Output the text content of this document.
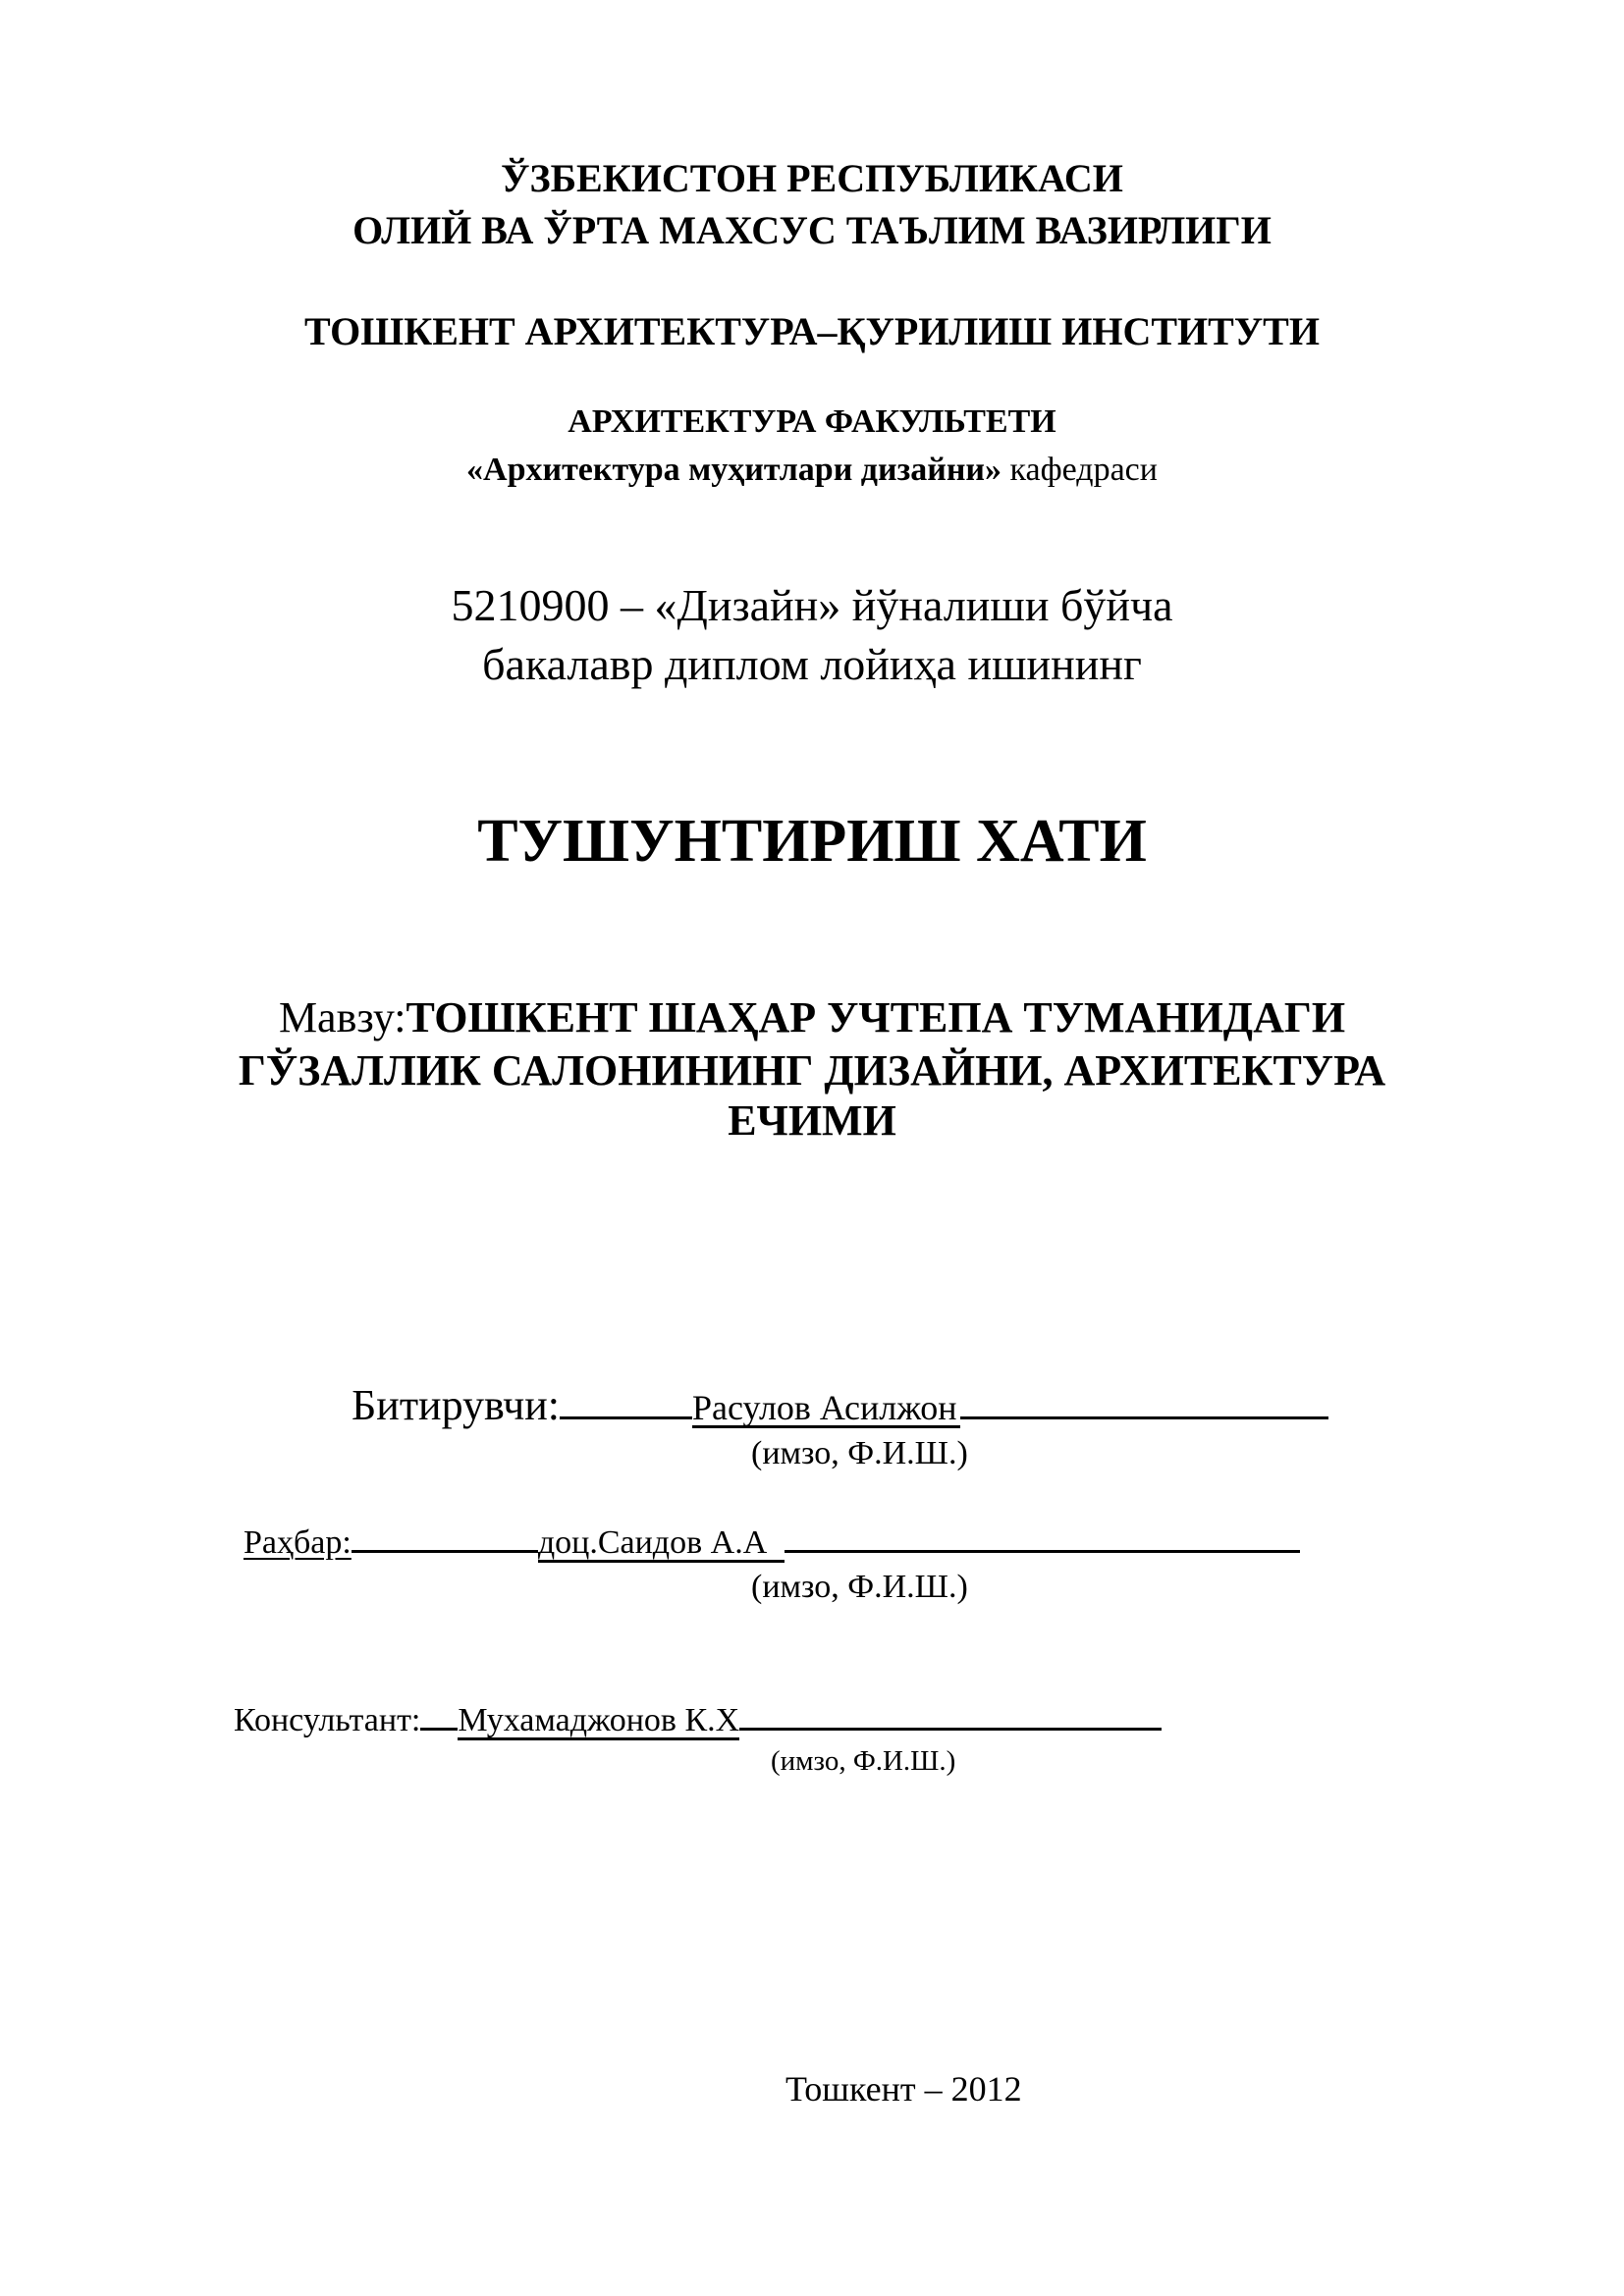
ЎЗБЕКИСТОН РЕСПУБЛИКАСИ
ОЛИЙ ВА ЎРТА МАХСУС ТАЪЛИМ ВАЗИРЛИГИ
ТОШКЕНТ АРХИТЕКТУРА–ҚУРИЛИШ ИНСТИТУТИ
АРХИТЕКТУРА ФАКУЛЬТЕТИ
«Архитектура муҳитлари дизайни» кафедраси
5210900 – «Дизайн» йўналиши бўйча
бакалавр диплом лойиҳа ишининг
ТУШУНТИРИШ ХАТИ
Мавзу:ТОШКЕНТ ШАҲАР УЧТЕПА ТУМАНИДАГИ
ГЎЗАЛЛИК САЛОНИНИНГ ДИЗАЙНИ, АРХИТЕКТУРА
ЕЧИМИ
Битирувчи:	Расулов Асилжон
(имзо, Ф.И.Ш.)
Раҳбар:	доц.Саидов А.А
(имзо, Ф.И.Ш.)
Консультант: Мухамаджонов К.Х
(имзо, Ф.И.Ш.)
Тошкент – 2012
